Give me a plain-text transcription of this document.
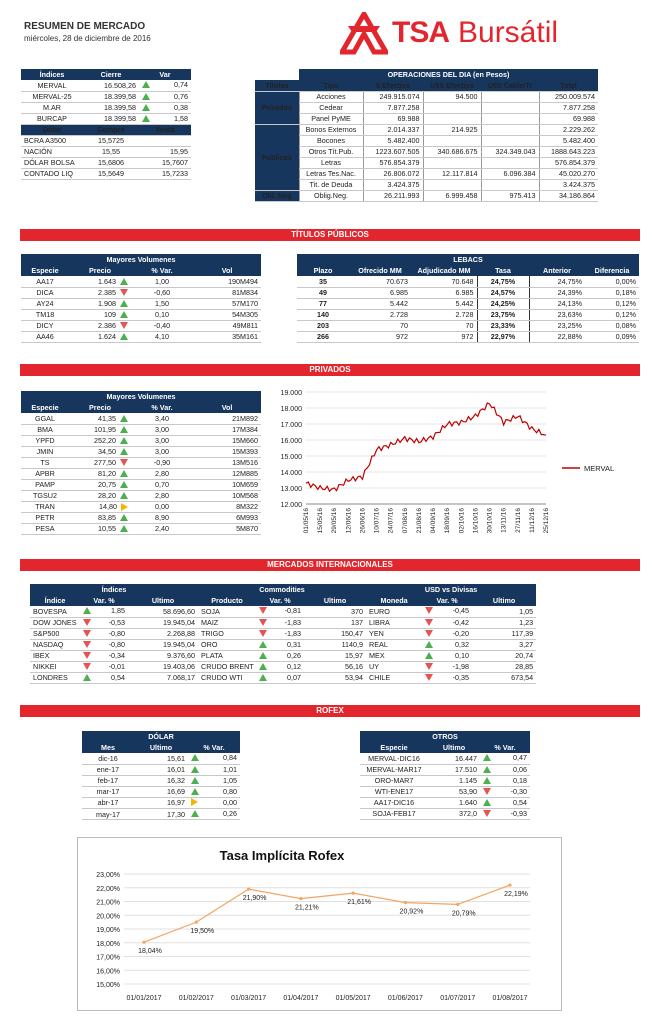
RESUMEN DE MERCADO
miércoles, 28 de diciembre de 2016	TSA Bursátil
Índices	Cierre	Var
MERVAL	16.508,26	0,74

MERVAL-25	18.399,58	0,76

M.AR	18.399,58	0,38

BURCAP	18.399,58	1,58

Dólar	Compra	Venta
BCRA A3500	15,5725	
NACIÓN	15,55	15,95
DÓLAR BOLSA	15,6806	15,7607
CONTADO LIQ	15,5649	15,7233
	OPERACIONES DEL DIA (en Pesos)				
Títulos	Tipo	$ Efectivo	U$S Efectivo	U$S Cable/Tr	Total
Privados	Acciones	249.915.074	94.500		250.009.574
	Cedear	7.877.258			7.877.258
	Panel PyME	69.988			69.988
Públicos	Bonos Externos	2.014.337	214.925		2.229.262
	Bocones	5.482.400			5.482.400
	Otros Tít.Pub.	1223.607.505	340.686.675	324.349.043	1888.643.223
	Letras	576.854.379			576.854.379
	Letras Tes.Nac.	26.806.072	12.117.814	6.096.384	45.020.270
	Tit. de Deuda	3.424.375			3.424.375
Obl. Neg	Oblig.Neg.	26.211.993	6.999.458	975.413	34.186.864
TÍTULOS PÚBLICOS
Mayores Volumenes			
Especie	Precio	% Var.	Vol
AA17	1.643	1,00	190M494
DICA	2.385	-0,60	81M834
AY24	1.908	1,50	57M170
TM18	109	0,10	54M305
DICY	2.386	-0,40	49M811
AA46	1.624	4,10	35M161
LEBACS					
Plazo	Ofrecido MM	Adjudicado MM	Tasa	Anterior	Diferencia
35	70.673	70.648	24,75%	24,75%	0,00%
49	6.985	6.985	24,57%	24,39%	0,18%
77	5.442	5.442	24,25%	24,13%	0,12%
140	2.728	2.728	23,75%	23,63%	0,12%
203	70	70	23,33%	23,25%	0,08%
266	972	972	22,97%	22,88%	0,09%
PRIVADOS
Mayores Volumenes			
Especie	Precio	% Var.	Vol
GGAL	41,35	3,40	21M892
BMA	101,95	3,00	17M384
YPFD	252,20	3,00	15M660
JMIN	34,50	3,00	15M393
TS	277,50	-0,90	13M516
APBR	81,20	2,80	12M885
PAMP	20,75	0,70	10M659
TGSU2	28,20	2,80	10M568
TRAN	14,80	0,00	8M322
PETR	83,85	8,90	6M993
PESA	10,55	2,40	5M870
12.000
13.000
14.000
15.000
16.000
17.000
18.000
19.000
01/05/16 15/05/16 29/05/16 12/06/16 26/06/16 10/07/16 24/07/16 07/08/16 21/08/16 04/09/16 18/09/16 02/10/16 16/10/16 30/10/16 13/11/16 27/11/16 11/12/16 25/12/16
MERVAL
MERCADOS INTERNACIONALES
Índices			Commodities			USD vs Divisas		
Índice	Var. %	Ultimo	Producto	Var. %	Ultimo	Moneda	Var. %	Ultimo
BOVESPA	1,85	58.696,60	SOJA	-0,81	370	EURO	-0,45	1,05
DOW JONES	-0,53	19.945,04	MAIZ	-1,83	137	LIBRA	-0,42	1,23
S&P500	-0,80	2.268,88	TRIGO	-1,83	150,47	YEN	-0,20	117,39
NASDAQ	-0,80	19.945,04	ORO	0,31	1140,9	REAL	0,32	3,27
IBEX	-0,34	9.376,60	PLATA	0,26	15,97	MEX	0,10	20,74
NIKKEI	-0,01	19.403,06	CRUDO BRENT	0,12	56,16	UY	-1,98	28,85
LONDRES	0,54	7.068,17	CRUDO WTI	0,07	53,94	CHILE	-0,35	673,54
ROFEX
DÓLAR		
Mes	Ultimo	% Var.
dic-16	15,61	0,84

ene-17	16,01	1,01

feb-17	16,32	1,05

mar-17	16,69	0,80

abr-17	16,97	0,00

may-17	17,30	0,26
OTROS		
Especie	Ultimo	% Var.
MERVAL-DIC16	16.447	0,47

MERVAL-MAR17	17.510	0,06

ORO-MAR7	1.145	0,18

WTI-ENE17	53,90	-0,30

AA17-DIC16	1.640	0,54

SOJA-FEB17	372,0	-0,93
Tasa Implícita Rofex
15,00%
16,00%
17,00%
18,00%
19,00%
20,00%
21,00%
22,00%
23,00%
01/01/2017 01/02/2017 01/03/2017 01/04/2017 01/05/2017 01/06/2017 01/07/2017 01/08/2017
18,04%
19,50%
21,90%
21,21%
21,61%
20,92%	20,79%
22,19%
